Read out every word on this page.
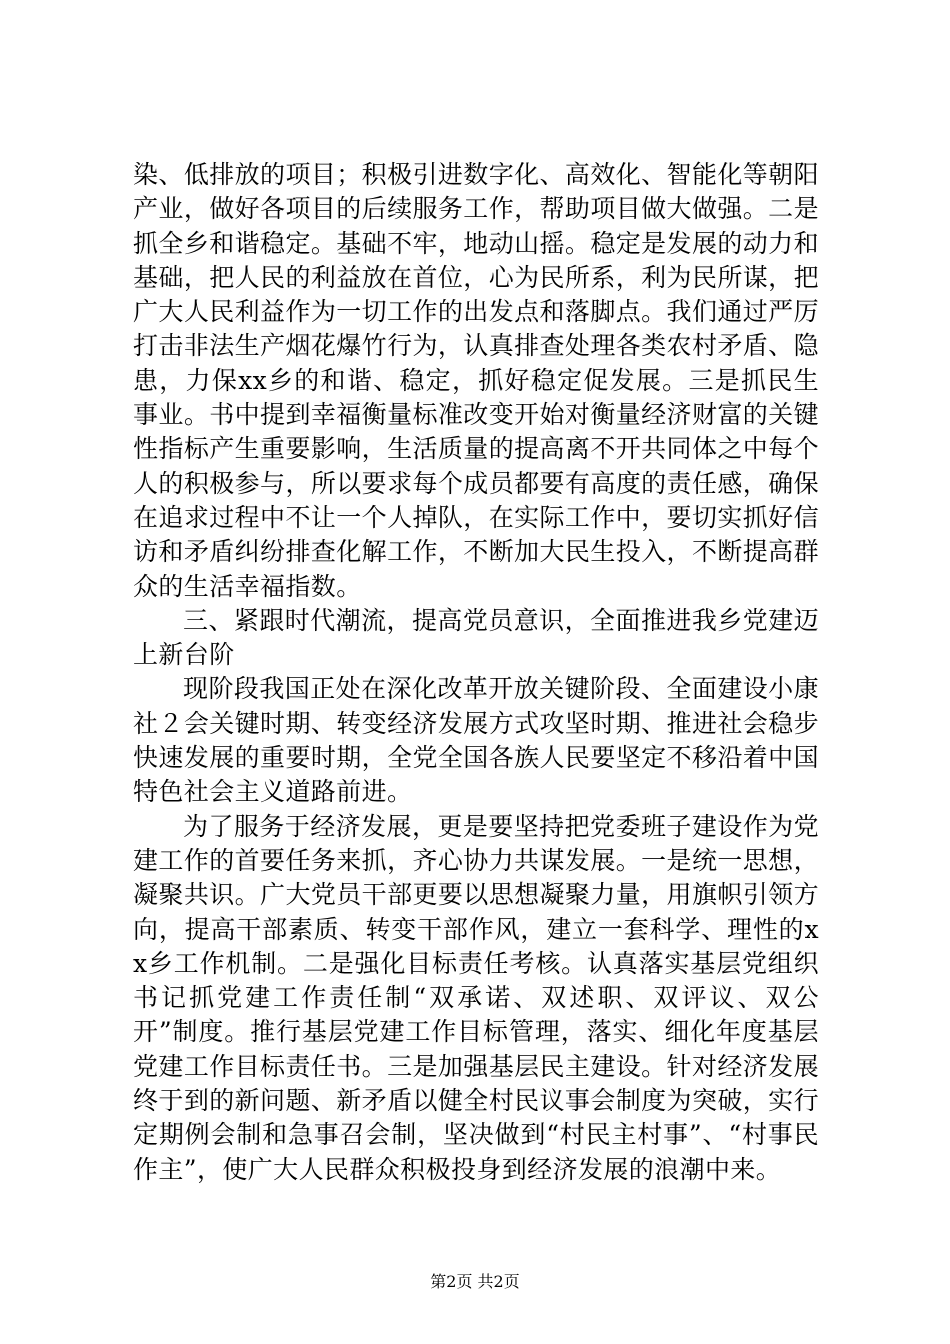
染、低排放的项目；积极引进数字化、高效化、智能化等朝阳产业，做好各项目的后续服务工作，帮助项目做大做强。二是抓全乡和谐稳定。基础不牢，地动山摇。稳定是发展的动力和基础，把人民的利益放在首位，心为民所系，利为民所谋，把广大人民利益作为一切工作的出发点和落脚点。我们通过严厉打击非法生产烟花爆竹行为，认真排查处理各类农村矛盾、隐患，力保xx乡的和谐、稳定，抓好稳定促发展。三是抓民生事业。书中提到幸福衡量标准改变开始对衡量经济财富的关键性指标产生重要影响，生活质量的提高离不开共同体之中每个人的积极参与，所以要求每个成员都要有高度的责任感，确保在追求过程中不让一个人掉队，在实际工作中，要切实抓好信访和矛盾纠纷排查化解工作，不断加大民生投入，不断提高群众的生活幸福指数。

三、紧跟时代潮流，提高党员意识，全面推进我乡党建迈上新台阶

现阶段我国正处在深化改革开放关键阶段、全面建设小康社２会关键时期、转变经济发展方式攻坚时期、推进社会稳步快速发展的重要时期，全党全国各族人民要坚定不移沿着中国特色社会主义道路前进。

为了服务于经济发展，更是要坚持把党委班子建设作为党建工作的首要任务来抓，齐心协力共谋发展。一是统一思想，凝聚共识。广大党员干部更要以思想凝聚力量，用旗帜引领方向，提高干部素质、转变干部作风，建立一套科学、理性的xx乡工作机制。二是强化目标责任考核。认真落实基层党组织书记抓党建工作责任制“双承诺、双述职、双评议、双公开”制度。推行基层党建工作目标管理，落实、细化年度基层党建工作目标责任书。三是加强基层民主建设。针对经济发展终于到的新问题、新矛盾以健全村民议事会制度为突破，实行定期例会制和急事召会制，坚决做到“村民主村事”、“村事民作主”，使广大人民群众积极投身到经济发展的浪潮中来。

第2页 共2页
